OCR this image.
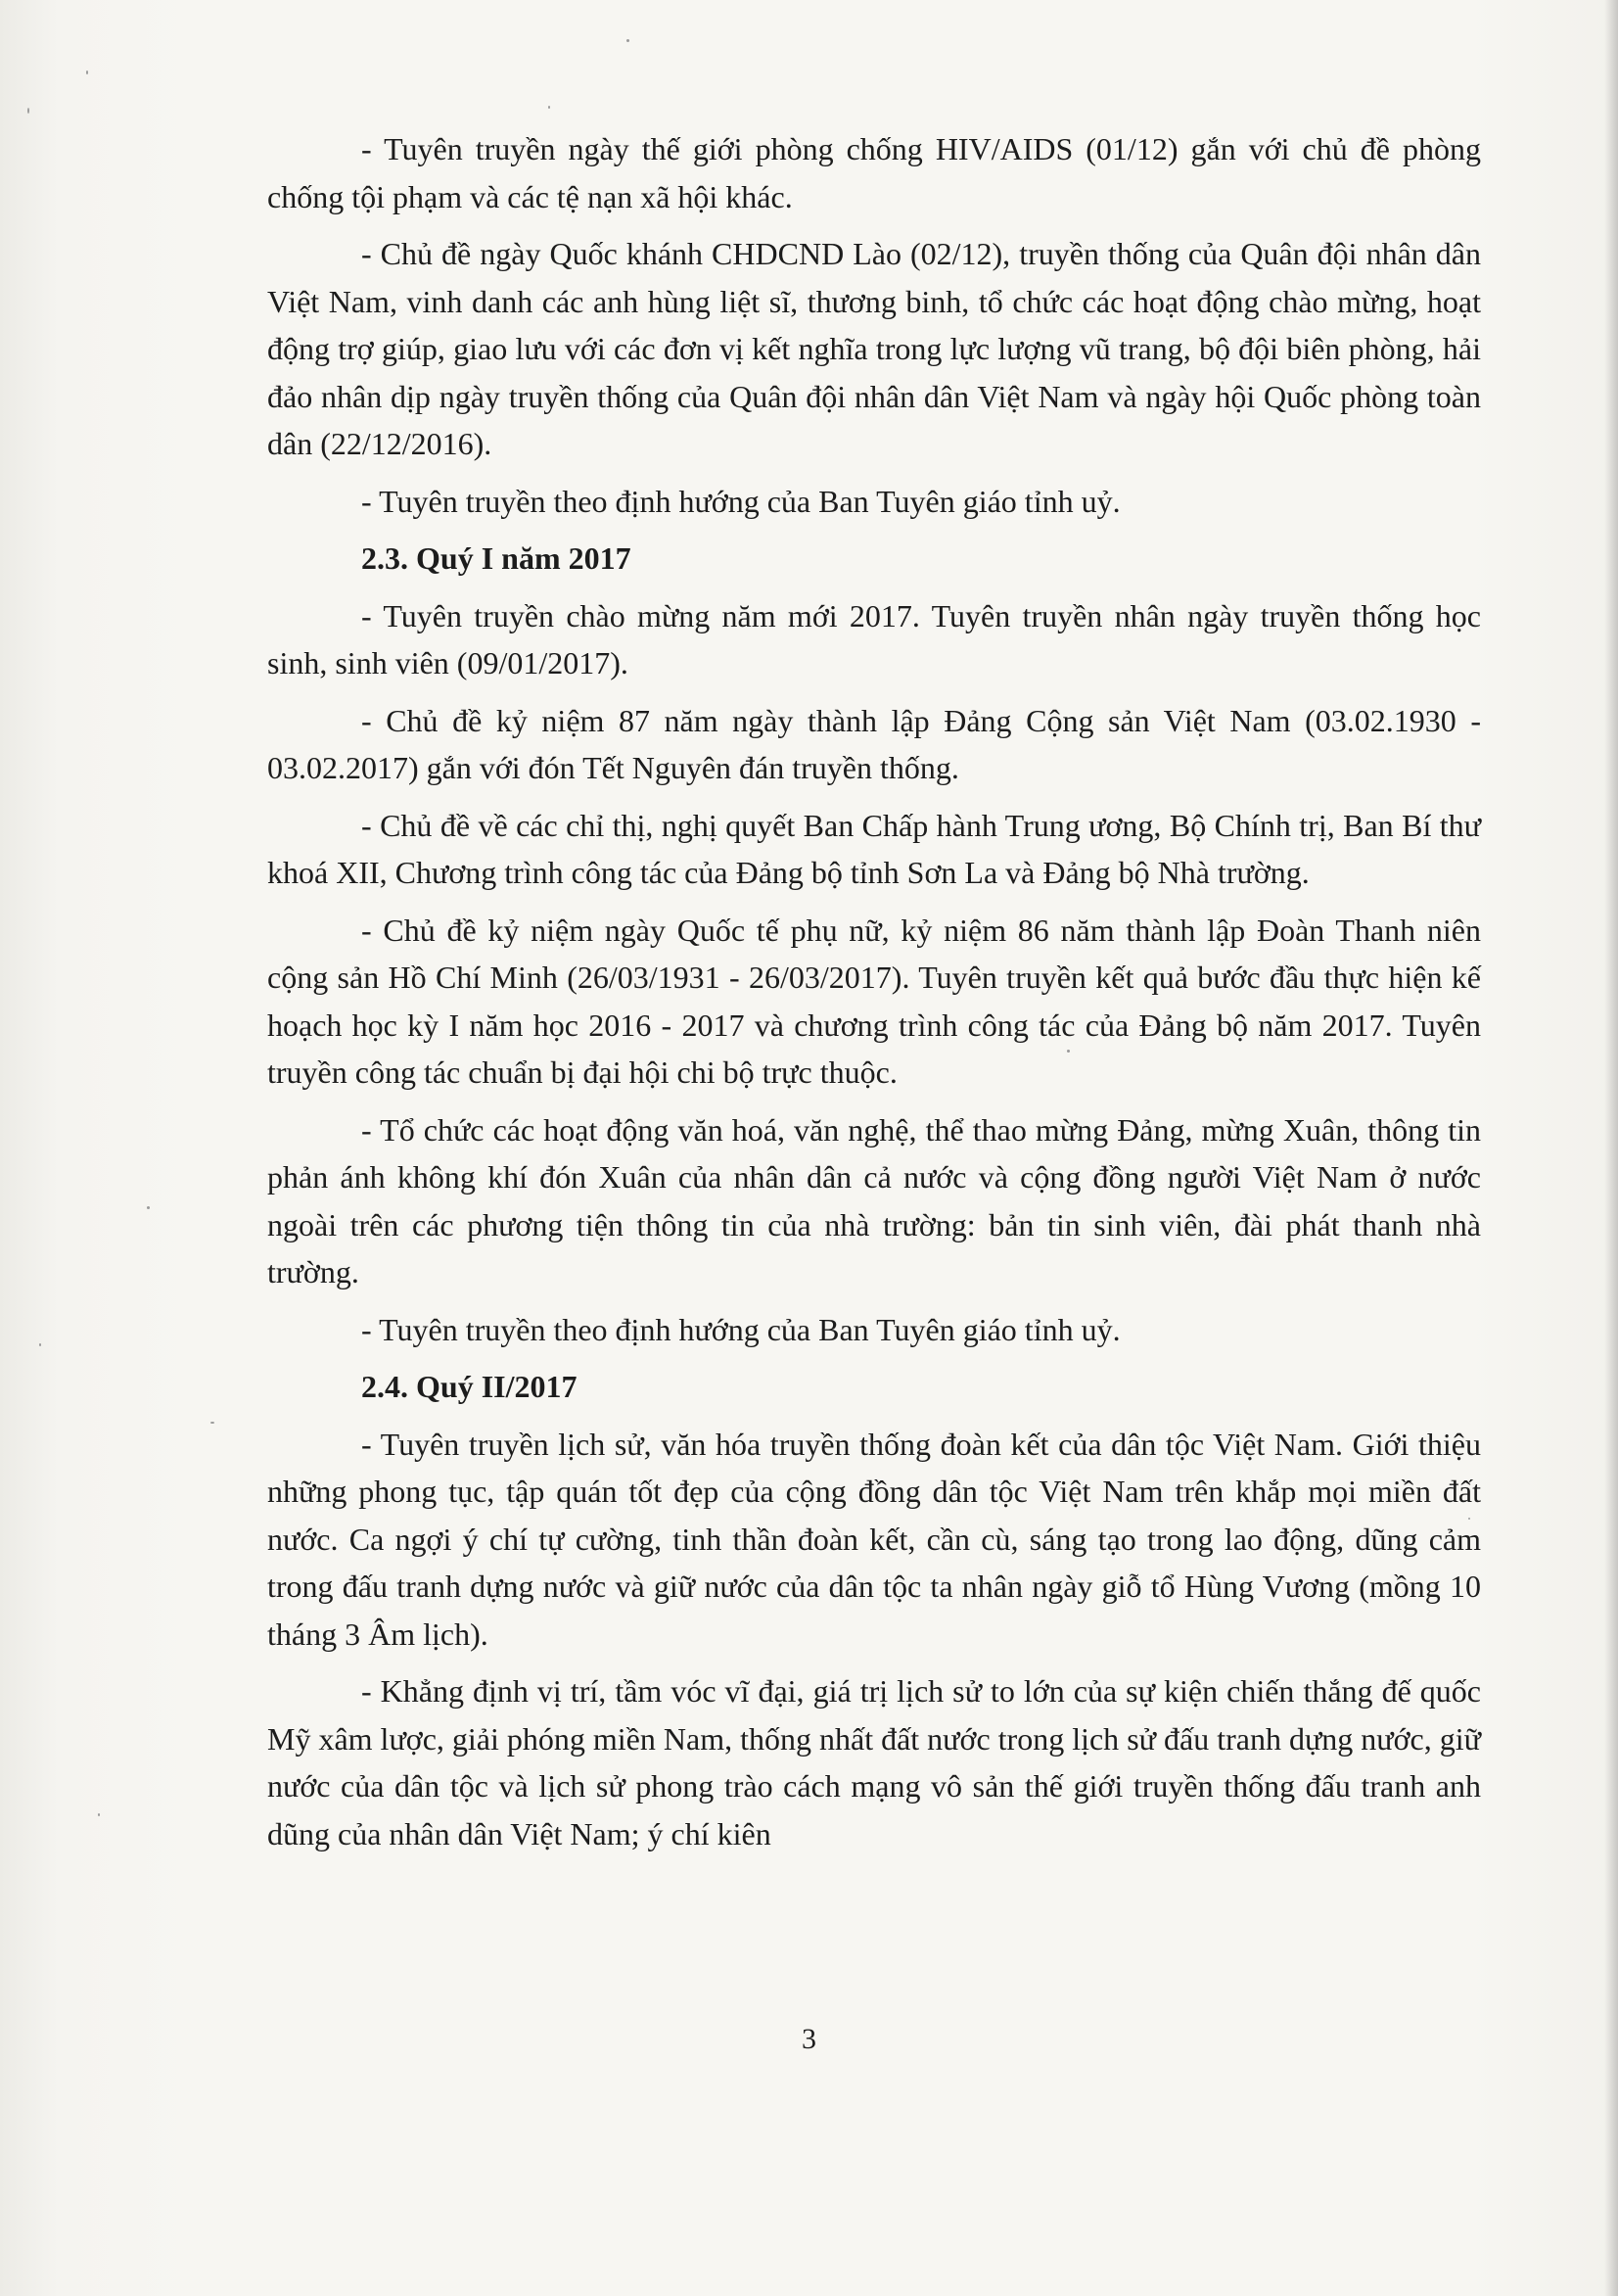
- Tuyên truyền ngày thế giới phòng chống HIV/AIDS (01/12) gắn với chủ đề phòng chống tội phạm và các tệ nạn xã hội khác.

- Chủ đề ngày Quốc khánh CHDCND Lào (02/12), truyền thống của Quân đội nhân dân Việt Nam, vinh danh các anh hùng liệt sĩ, thương binh, tổ chức các hoạt động chào mừng, hoạt động trợ giúp, giao lưu với các đơn vị kết nghĩa trong lực lượng vũ trang, bộ đội biên phòng, hải đảo nhân dịp ngày truyền thống của Quân đội nhân dân Việt Nam và ngày hội Quốc phòng toàn dân (22/12/2016).

- Tuyên truyền theo định hướng của Ban Tuyên giáo tỉnh uỷ.

2.3. Quý I năm 2017

- Tuyên truyền chào mừng năm mới 2017. Tuyên truyền nhân ngày truyền thống học sinh, sinh viên (09/01/2017).

- Chủ đề kỷ niệm 87 năm ngày thành lập Đảng Cộng sản Việt Nam (03.02.1930 - 03.02.2017) gắn với đón Tết Nguyên đán truyền thống.

- Chủ đề về các chỉ thị, nghị quyết Ban Chấp hành Trung ương, Bộ Chính trị, Ban Bí thư khoá XII, Chương trình công tác của Đảng bộ tỉnh Sơn La và Đảng bộ Nhà trường.

- Chủ đề kỷ niệm ngày Quốc tế phụ nữ, kỷ niệm 86 năm thành lập Đoàn Thanh niên cộng sản Hồ Chí Minh (26/03/1931 - 26/03/2017). Tuyên truyền kết quả bước đầu thực hiện kế hoạch học kỳ I năm học 2016 - 2017 và chương trình công tác của Đảng bộ năm 2017. Tuyên truyền công tác chuẩn bị đại hội chi bộ trực thuộc.

- Tổ chức các hoạt động văn hoá, văn nghệ, thể thao mừng Đảng, mừng Xuân, thông tin phản ánh không khí đón Xuân của nhân dân cả nước và cộng đồng người Việt Nam ở nước ngoài trên các phương tiện thông tin của nhà trường: bản tin sinh viên, đài phát thanh nhà trường.

- Tuyên truyền theo định hướng của Ban Tuyên giáo tỉnh uỷ.

2.4. Quý II/2017

- Tuyên truyền lịch sử, văn hóa truyền thống đoàn kết của dân tộc Việt Nam. Giới thiệu những phong tục, tập quán tốt đẹp của cộng đồng dân tộc Việt Nam trên khắp mọi miền đất nước. Ca ngợi ý chí tự cường, tinh thần đoàn kết, cần cù, sáng tạo trong lao động, dũng cảm trong đấu tranh dựng nước và giữ nước của dân tộc ta nhân ngày giỗ tổ Hùng Vương (mồng 10 tháng 3 Âm lịch).

- Khẳng định vị trí, tầm vóc vĩ đại, giá trị lịch sử to lớn của sự kiện chiến thắng đế quốc Mỹ xâm lược, giải phóng miền Nam, thống nhất đất nước trong lịch sử đấu tranh dựng nước, giữ nước của dân tộc và lịch sử phong trào cách mạng vô sản thế giới truyền thống đấu tranh anh dũng của nhân dân Việt Nam; ý chí kiên

3
